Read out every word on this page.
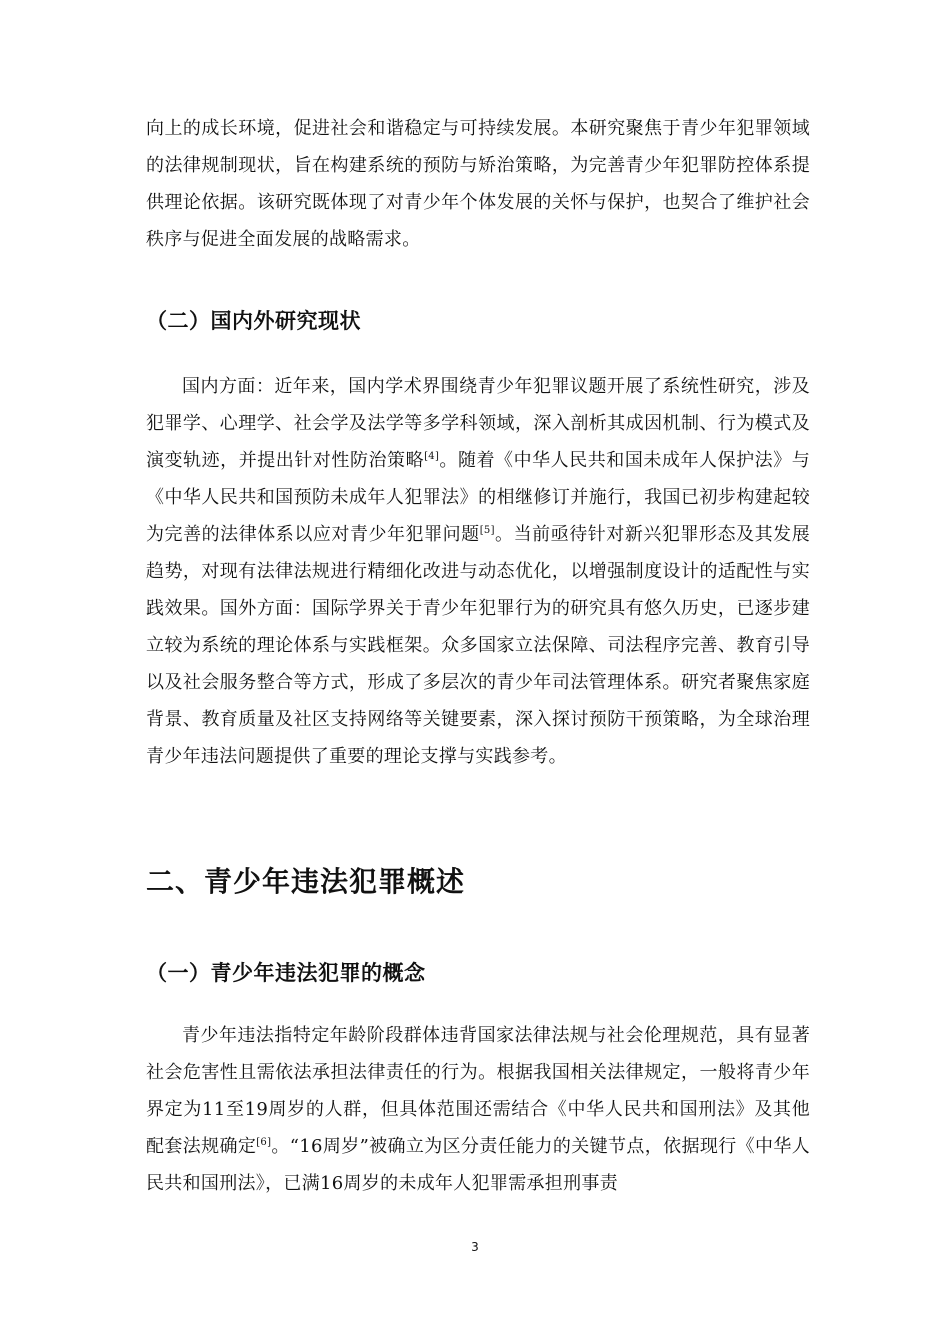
向上的成长环境，促进社会和谐稳定与可持续发展。本研究聚焦于青少年犯罪领域的法律规制现状，旨在构建系统的预防与矫治策略，为完善青少年犯罪防控体系提供理论依据。该研究既体现了对青少年个体发展的关怀与保护，也契合了维护社会秩序与促进全面发展的战略需求。

（二）国内外研究现状

国内方面：近年来，国内学术界围绕青少年犯罪议题开展了系统性研究，涉及犯罪学、心理学、社会学及法学等多学科领域，深入剖析其成因机制、行为模式及演变轨迹，并提出针对性防治策略[4]。随着《中华人民共和国未成年人保护法》与《中华人民共和国预防未成年人犯罪法》的相继修订并施行，我国已初步构建起较为完善的法律体系以应对青少年犯罪问题[5]。当前亟待针对新兴犯罪形态及其发展趋势，对现有法律法规进行精细化改进与动态优化，以增强制度设计的适配性与实践效果。国外方面：国际学界关于青少年犯罪行为的研究具有悠久历史，已逐步建立较为系统的理论体系与实践框架。众多国家立法保障、司法程序完善、教育引导以及社会服务整合等方式，形成了多层次的青少年司法管理体系。研究者聚焦家庭背景、教育质量及社区支持网络等关键要素，深入探讨预防干预策略，为全球治理青少年违法问题提供了重要的理论支撑与实践参考。

二、青少年违法犯罪概述
（一）青少年违法犯罪的概念

青少年违法指特定年龄阶段群体违背国家法律法规与社会伦理规范，具有显著社会危害性且需依法承担法律责任的行为。根据我国相关法律规定，一般将青少年界定为11至19周岁的人群，但具体范围还需结合《中华人民共和国刑法》及其他配套法规确定[6]。“16周岁”被确立为区分责任能力的关键节点，依据现行《中华人民共和国刑法》，已满16周岁的未成年人犯罪需承担刑事责

3
